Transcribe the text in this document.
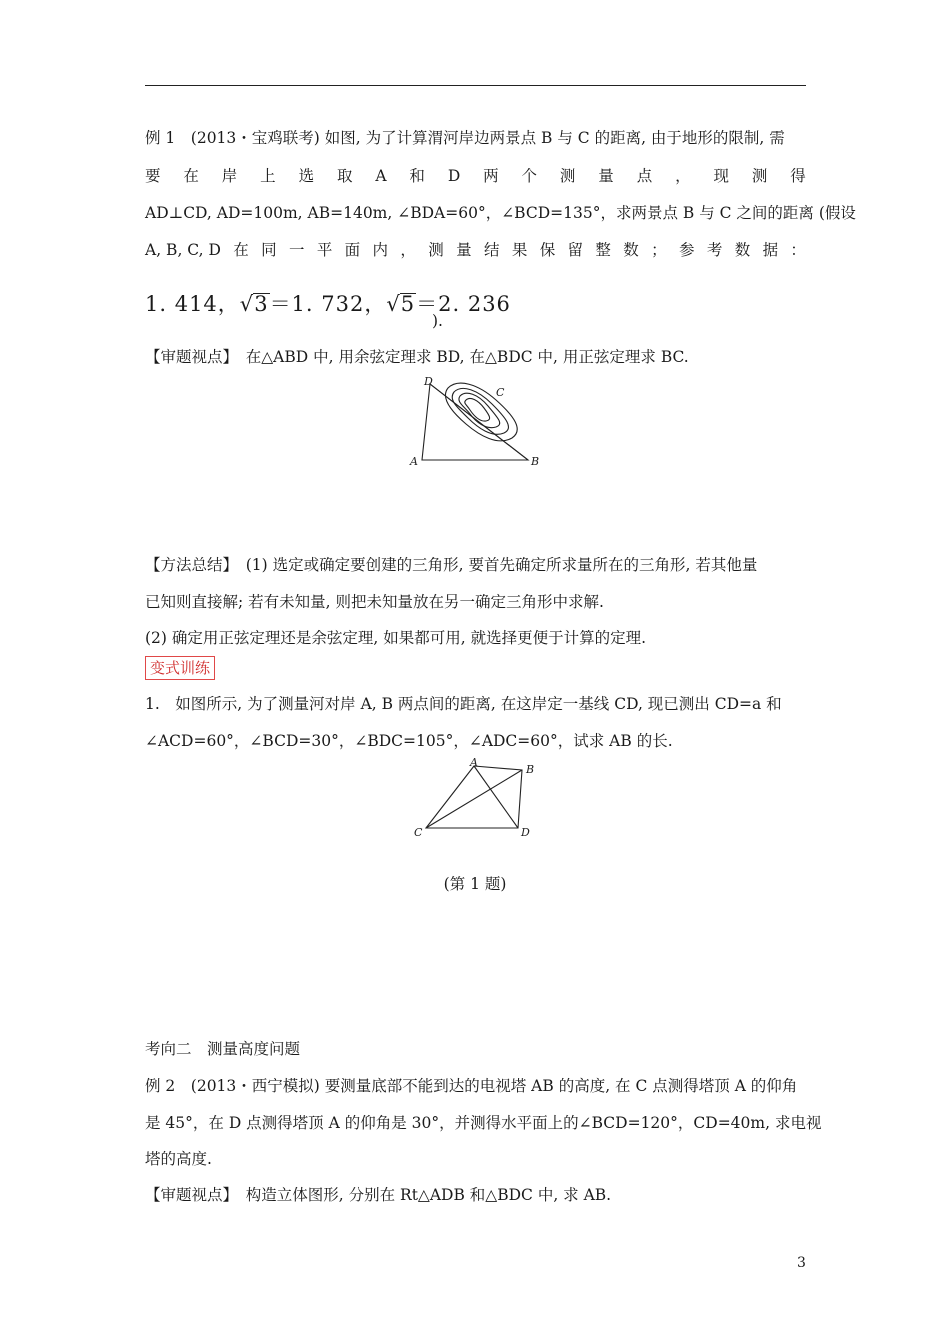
例 1　(2013・宝鸡联考) 如图, 为了计算渭河岸边两景点 B 与 C 的距离, 由于地形的限制, 需
要 在 岸 上 选 取 A 和 D 两 个 测 量 点 ， 现 测 得
AD⊥CD, AD=100m, AB=140m, ∠BDA=60°，∠BCD=135°，求两景点 B 与 C 之间的距离 (假设
A, B, C, D 在 同 一 平 面 内 ， 测 量 结 果 保 留 整 数 ； 参 考 数 据 ：
1. 414，√3＝1. 732，√5＝2. 236
).
【审题视点】　在△ABD 中, 用余弦定理求 BD, 在△BDC 中, 用正弦定理求 BC.
D
C
A	B
【方法总结】　(1) 选定或确定要创建的三角形, 要首先确定所求量所在的三角形, 若其他量
已知则直接解; 若有未知量, 则把未知量放在另一确定三角形中求解.
(2) 确定用正弦定理还是余弦定理, 如果都可用, 就选择更便于计算的定理.
变式训练
1.　如图所示, 为了测量河对岸 A, B 两点间的距离, 在这岸定一基线 CD, 现已测出 CD=a 和
∠ACD=60°，∠BCD=30°，∠BDC=105°，∠ADC=60°，试求 AB 的长.
A
B
C	D
(第 1 题)
考向二　测量高度问题
例 2　(2013・西宁模拟) 要测量底部不能到达的电视塔 AB 的高度, 在 C 点测得塔顶 A 的仰角
是 45°，在 D 点测得塔顶 A 的仰角是 30°，并测得水平面上的∠BCD=120°，CD=40m, 求电视
塔的高度.
【审题视点】　构造立体图形, 分别在 Rt△ADB 和△BDC 中, 求 AB.
3
